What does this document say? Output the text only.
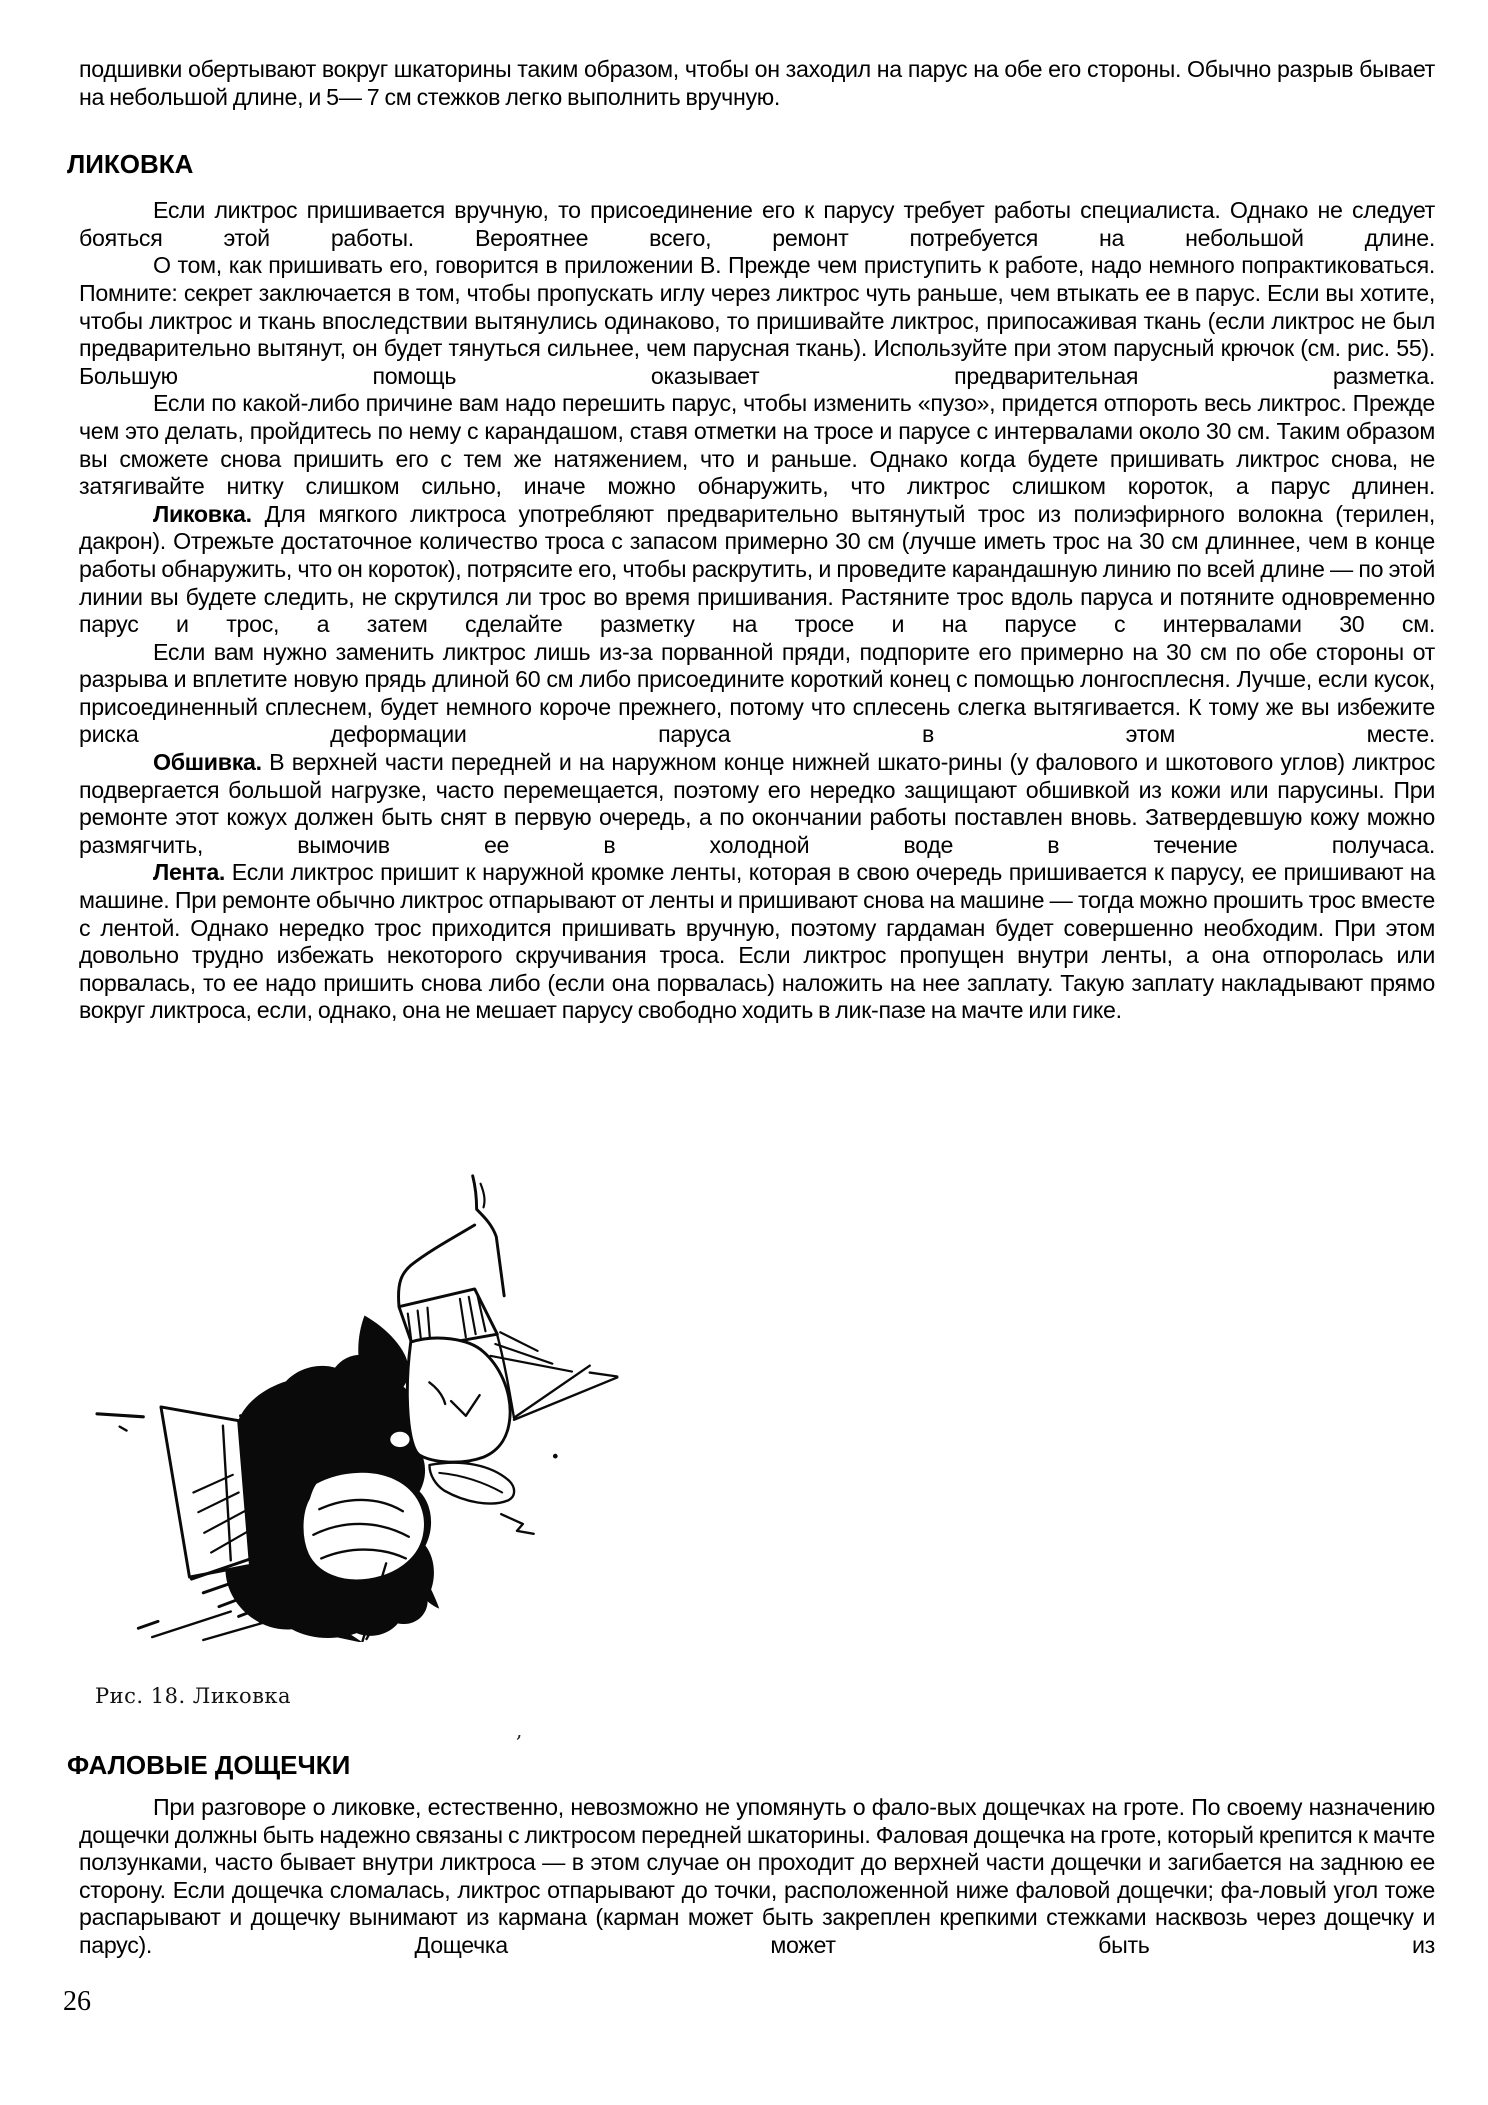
подшивки обертывают вокруг шкаторины таким образом, чтобы он заходил на парус на обе его стороны. Обычно разрыв бывает на небольшой длине, и 5— 7 см стежков легко выполнить вручную.

ЛИКОВКА

Если ликтрос пришивается вручную, то присоединение его к парусу требует работы специалиста. Однако не следует бояться этой работы. Вероятнее всего, ремонт потребуется на небольшой длине.

О том, как пришивать его, говорится в приложении В. Прежде чем приступить к работе, надо немного попрактиковаться. Помните: секрет заключается в том, чтобы пропускать иглу через ликтрос чуть раньше, чем втыкать ее в парус. Если вы хотите, чтобы ликтрос и ткань впоследствии вытянулись одинаково, то пришивайте ликтрос, припосаживая ткань (если ликтрос не был предварительно вытянут, он будет тянуться сильнее, чем парусная ткань). Используйте при этом парусный крючок (см. рис. 55). Большую помощь оказывает предварительная разметка.

Если по какой-либо причине вам надо перешить парус, чтобы изменить «пузо», придется отпороть весь ликтрос. Прежде чем это делать, пройдитесь по нему с карандашом, ставя отметки на тросе и парусе с интервалами около 30 см. Таким образом вы сможете снова пришить его с тем же натяжением, что и раньше. Однако когда будете пришивать ликтрос снова, не затягивайте нитку слишком сильно, иначе можно обнаружить, что ликтрос слишком короток, а парус длинен.

Ликовка. Для мягкого ликтроса употребляют предварительно вытянутый трос из полиэфирного волокна (терилен, дакрон). Отрежьте достаточное количество троса с запасом примерно 30 см (лучше иметь трос на 30 см длиннее, чем в конце работы обнаружить, что он короток), потрясите его, чтобы раскрутить, и проведите карандашную линию по всей длине — по этой линии вы будете следить, не скрутился ли трос во время пришивания. Растяните трос вдоль паруса и потяните одновременно парус и трос, а затем сделайте разметку на тросе и на парусе с интервалами 30 см.

Если вам нужно заменить ликтрос лишь из-за порванной пряди, подпорите его примерно на 30 см по обе стороны от разрыва и вплетите новую прядь длиной 60 см либо присоедините короткий конец с помощью лонгосплесня. Лучше, если кусок, присоединенный сплеснем, будет немного короче прежнего, потому что сплесень слегка вытягивается. К тому же вы избежите риска деформации паруса в этом месте.

Обшивка. В верхней части передней и на наружном конце нижней шкато-рины (у фалового и шкотового углов) ликтрос подвергается большой нагрузке, часто перемещается, поэтому его нередко защищают обшивкой из кожи или парусины. При ремонте этот кожух должен быть снят в первую очередь, а по окончании работы поставлен вновь. Затвердевшую кожу можно размягчить, вымочив ее в холодной воде в течение получаса.

Лента. Если ликтрос пришит к наружной кромке ленты, которая в свою очередь пришивается к парусу, ее пришивают на машине. При ремонте обычно ликтрос отпарывают от ленты и пришивают снова на машине — тогда можно прошить трос вместе с лентой. Однако нередко трос приходится пришивать вручную, поэтому гардаман будет совершенно необходим. При этом довольно трудно избежать некоторого скручивания троса. Если ликтрос пропущен внутри ленты, а она отпоролась или порвалась, то ее надо пришить снова либо (если она порвалась) наложить на нее заплату. Такую заплату накладывают прямо вокруг ликтроса, если, однако, она не мешает парусу свободно ходить в лик-пазе на мачте или гике.

Рис. 18. Ликовка
ФАЛОВЫЕ ДОЩЕЧКИ

При разговоре о ликовке, естественно, невозможно не упомянуть о фало-вых дощечках на гроте. По своему назначению дощечки должны быть надежно связаны с ликтросом передней шкаторины. Фаловая дощечка на гроте, который крепится к мачте ползунками, часто бывает внутри ликтроса — в этом случае он проходит до верхней части дощечки и загибается на заднюю ее сторону. Если дощечка сломалась, ликтрос отпарывают до точки, расположенной ниже фаловой дощечки; фа-ловый угол тоже распарывают и дощечку вынимают из кармана (карман может быть закреплен крепкими стежками насквозь через дощечку и парус). Дощечка может быть из

,
26
